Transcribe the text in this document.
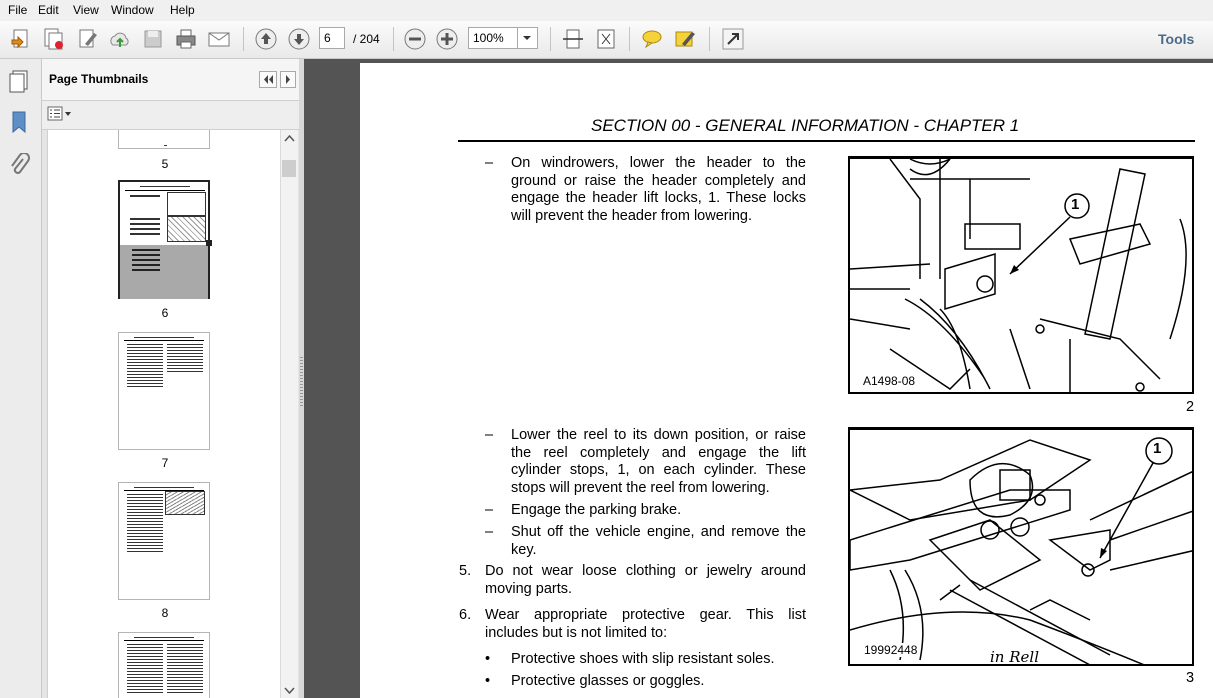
File Edit View Window Help
6	/ 204	100%	Tools
Page Thumbnails
5
6
7
8
SECTION 00 - GENERAL INFORMATION - CHAPTER 1
– On windrowers, lower the header to the ground or raise the header completely and engage the header lift locks, 1. These locks will prevent the header from lowering.
1
A1498-08
2
– Lower the reel to its down position, or raise the reel completely and engage the lift cylinder stops, 1, on each cylinder. These stops will prevent the reel from lowering.
– Engage the parking brake.
– Shut off the vehicle engine, and remove the key.
5. Do not wear loose clothing or jewelry around moving parts.
6. Wear appropriate protective gear. This list includes but is not limited to:
• Protective shoes with slip resistant soles.
• Protective glasses or goggles.
1
19992448	in Rell
3
